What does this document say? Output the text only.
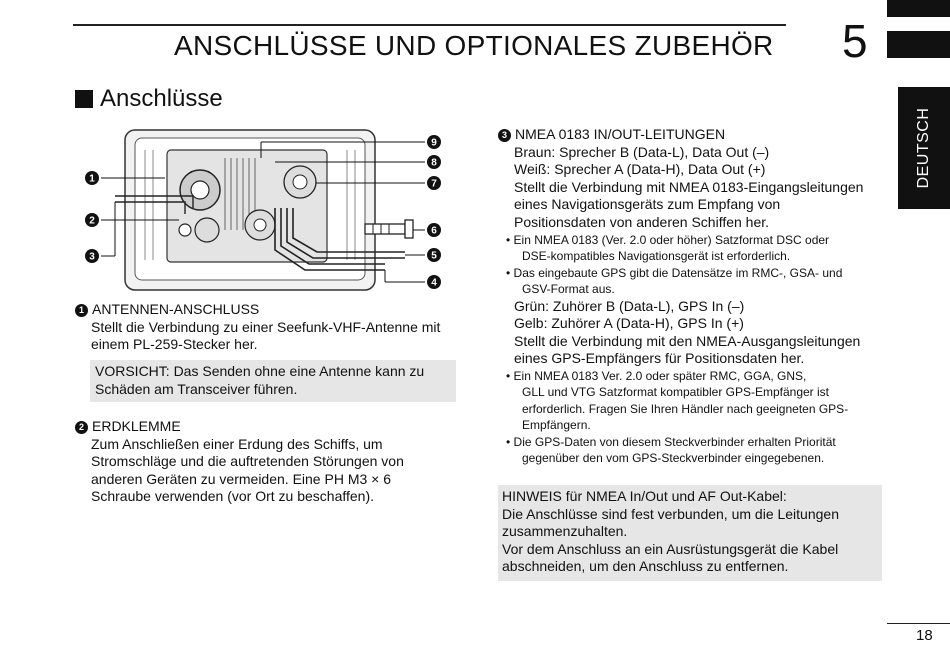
ANSCHLÜSSE UND OPTIONALES ZUBEHÖR 5
DEUTSCH
Anschlüsse
1
2
3
9
8
7
6
5
4

1 ANTENNEN-ANSCHLUSS

Stellt die Verbindung zu einer Seefunk-VHF-Antenne mit

einem PL-259-Stecker her.

VORSICHT: Das Senden ohne eine Antenne kann zu

Schäden am Transceiver führen.

2 ERDKLEMME

Zum Anschließen einer Erdung des Schiffs, um

Stromschläge und die auftretenden Störungen von

anderen Geräten zu vermeiden. Eine PH M3 × 6

Schraube verwenden (vor Ort zu beschaffen).

3 NMEA 0183 IN/OUT-LEITUNGEN

Braun: Sprecher B (Data-L), Data Out (–)

Weiß: Sprecher A (Data-H), Data Out (+)

Stellt die Verbindung mit NMEA 0183-Eingangsleitungen

eines Navigationsgeräts zum Empfang von

Positionsdaten von anderen Schiffen her.

• Ein NMEA 0183 (Ver. 2.0 oder höher) Satzformat DSC oder
DSE-kompatibles Navigationsgerät ist erforderlich.
• Das eingebaute GPS gibt die Datensätze im RMC-, GSA- und
GSV-Format aus.

Grün: Zuhörer B (Data-L), GPS In (–)

Gelb: Zuhörer A (Data-H), GPS In (+)

Stellt die Verbindung mit den NMEA-Ausgangsleitungen

eines GPS-Empfängers für Positionsdaten her.

• Ein NMEA 0183 Ver. 2.0 oder später RMC, GGA, GNS,
GLL und VTG Satzformat kompatibler GPS-Empfänger ist
erforderlich. Fragen Sie Ihren Händler nach geeigneten GPS-
Empfängern.
• Die GPS-Daten von diesem Steckverbinder erhalten Priorität
gegenüber den vom GPS-Steckverbinder eingegebenen.

HINWEIS für NMEA In/Out und AF Out-Kabel:

Die Anschlüsse sind fest verbunden, um die Leitungen

zusammenzuhalten.

Vor dem Anschluss an ein Ausrüstungsgerät die Kabel

abschneiden, um den Anschluss zu entfernen.

18
